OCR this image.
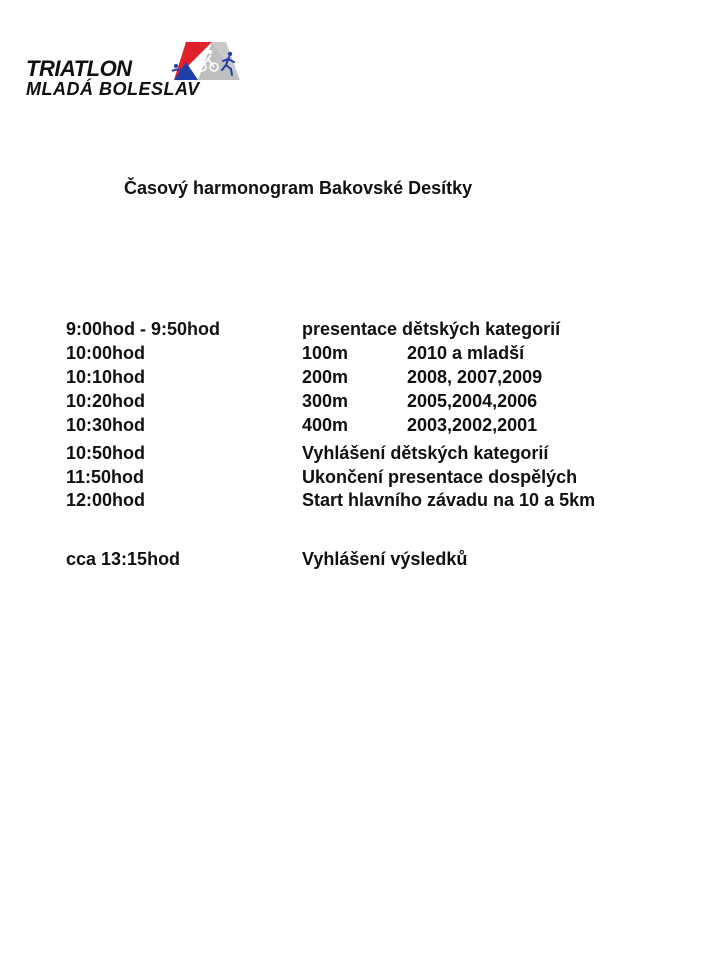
TRIATLON
MLADÁ BOLESLAV
Časový harmonogram Bakovské Desítky
9:00hod - 9:50hod	presentace dětských kategorií
10:00hod	100m	2010 a mladší
10:10hod	200m	2008, 2007,2009
10:20hod	300m	2005,2004,2006
10:30hod	400m	2003,2002,2001
10:50hod	Vyhlášení dětských kategorií
11:50hod	Ukončení presentace dospělých
12:00hod	Start hlavního závadu na 10 a 5km
cca 13:15hod	Vyhlášení výsledků
